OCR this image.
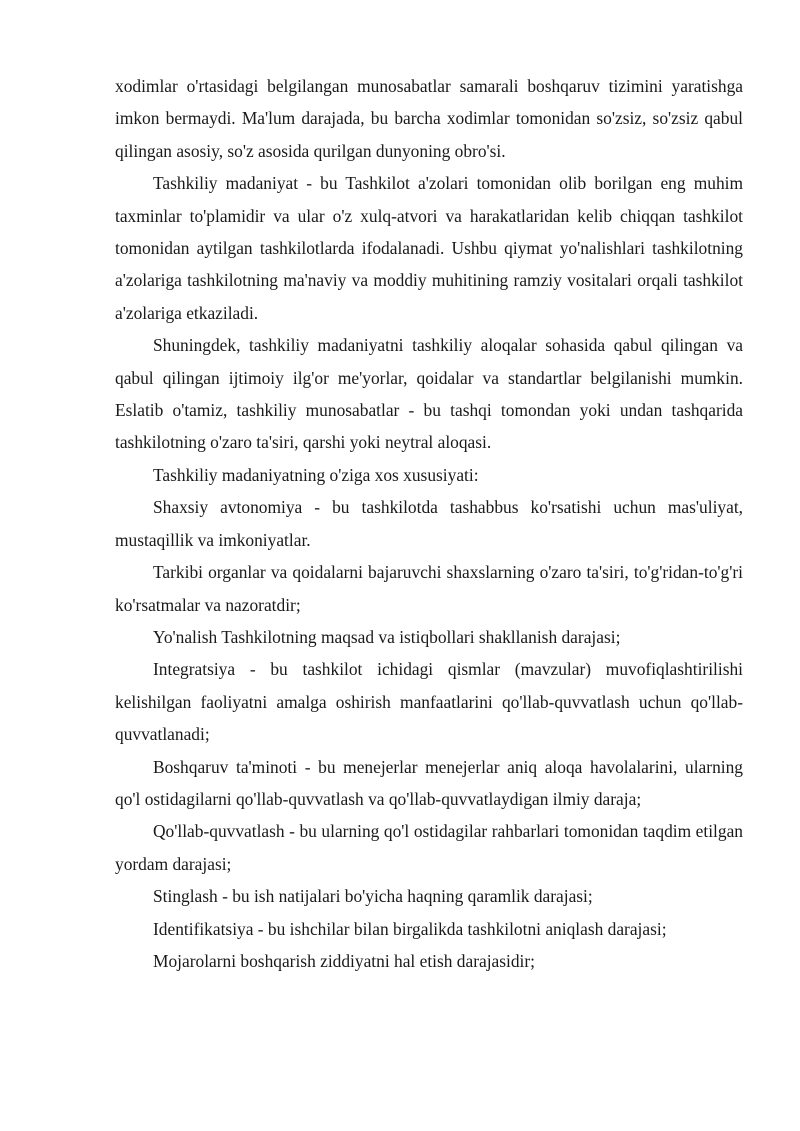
xodimlar o'rtasidagi belgilangan munosabatlar samarali boshqaruv tizimini yaratishga imkon bermaydi. Ma'lum darajada, bu barcha xodimlar tomonidan so'zsiz, so'zsiz qabul qilingan asosiy, so'z asosida qurilgan dunyoning obro'si.

Tashkiliy madaniyat - bu Tashkilot a'zolari tomonidan olib borilgan eng muhim taxminlar to'plamidir va ular o'z xulq-atvori va harakatlaridan kelib chiqqan tashkilot tomonidan aytilgan tashkilotlarda ifodalanadi. Ushbu qiymat yo'nalishlari tashkilotning a'zolariga tashkilotning ma'naviy va moddiy muhitining ramziy vositalari orqali tashkilot a'zolariga etkaziladi.

Shuningdek, tashkiliy madaniyatni tashkiliy aloqalar sohasida qabul qilingan va qabul qilingan ijtimoiy ilg'or me'yorlar, qoidalar va standartlar belgilanishi mumkin. Eslatib o'tamiz, tashkiliy munosabatlar - bu tashqi tomondan yoki undan tashqarida tashkilotning o'zaro ta'siri, qarshi yoki neytral aloqasi.

Tashkiliy madaniyatning o'ziga xos xususiyati:

Shaxsiy avtonomiya - bu tashkilotda tashabbus ko'rsatishi uchun mas'uliyat, mustaqillik va imkoniyatlar.

Tarkibi organlar va qoidalarni bajaruvchi shaxslarning o'zaro ta'siri, to'g'ridan-to'g'ri ko'rsatmalar va nazoratdir;

Yo'nalish Tashkilotning maqsad va istiqbollari shakllanish darajasi;

Integratsiya - bu tashkilot ichidagi qismlar (mavzular) muvofiqlashtirilishi kelishilgan faoliyatni amalga oshirish manfaatlarini qo'llab-quvvatlash uchun qo'llab-quvvatlanadi;

Boshqaruv ta'minoti - bu menejerlar menejerlar aniq aloqa havolalarini, ularning qo'l ostidagilarni qo'llab-quvvatlash va qo'llab-quvvatlaydigan ilmiy daraja;

Qo'llab-quvvatlash - bu ularning qo'l ostidagilar rahbarlari tomonidan taqdim etilgan yordam darajasi;

Stinglash - bu ish natijalari bo'yicha haqning qaramlik darajasi;

Identifikatsiya - bu ishchilar bilan birgalikda tashkilotni aniqlash darajasi;

Mojarolarni boshqarish ziddiyatni hal etish darajasidir;
